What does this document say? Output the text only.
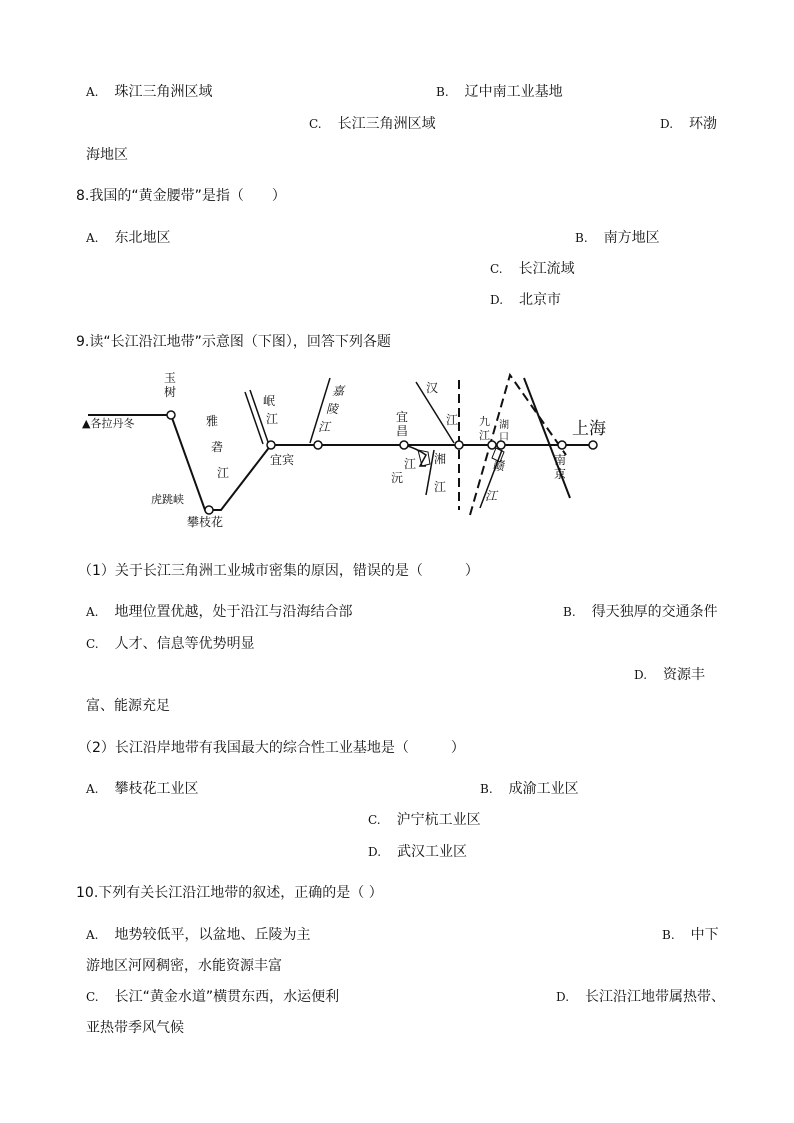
A. 珠江三角洲区域	B. 辽中南工业基地
C. 长江三角洲区域	D. 环渤
海地区
8.我国的“黄金腰带”是指（　　）
A. 东北地区	B. 南方地区
C. 长江流域
D. 北京市
9.读“长江沿江地带”示意图（下图），回答下列各题
▲各拉丹冬
玉树
雅砻江
岷江
嘉陵江
宜昌
汉江 九江
湖口	上海
虎跳峡
攀枝花
宜宾
沅江 湘江
赣江
南京
（1）关于长江三角洲工业城市密集的原因，错误的是（　　　）
A. 地理位置优越，处于沿江与沿海结合部	B. 得天独厚的交通条件
C. 人才、信息等优势明显
D. 资源丰
富、能源充足
（2）长江沿岸地带有我国最大的综合性工业基地是（　　　）
A. 攀枝花工业区	B. 成渝工业区
C. 沪宁杭工业区
D. 武汉工业区
10.下列有关长江沿江地带的叙述，正确的是（ ）
A. 地势较低平，以盆地、丘陵为主	B. 中下
游地区河网稠密，水能资源丰富
C. 长江“黄金水道”横贯东西，水运便利	D. 长江沿江地带属热带、
亚热带季风气候
